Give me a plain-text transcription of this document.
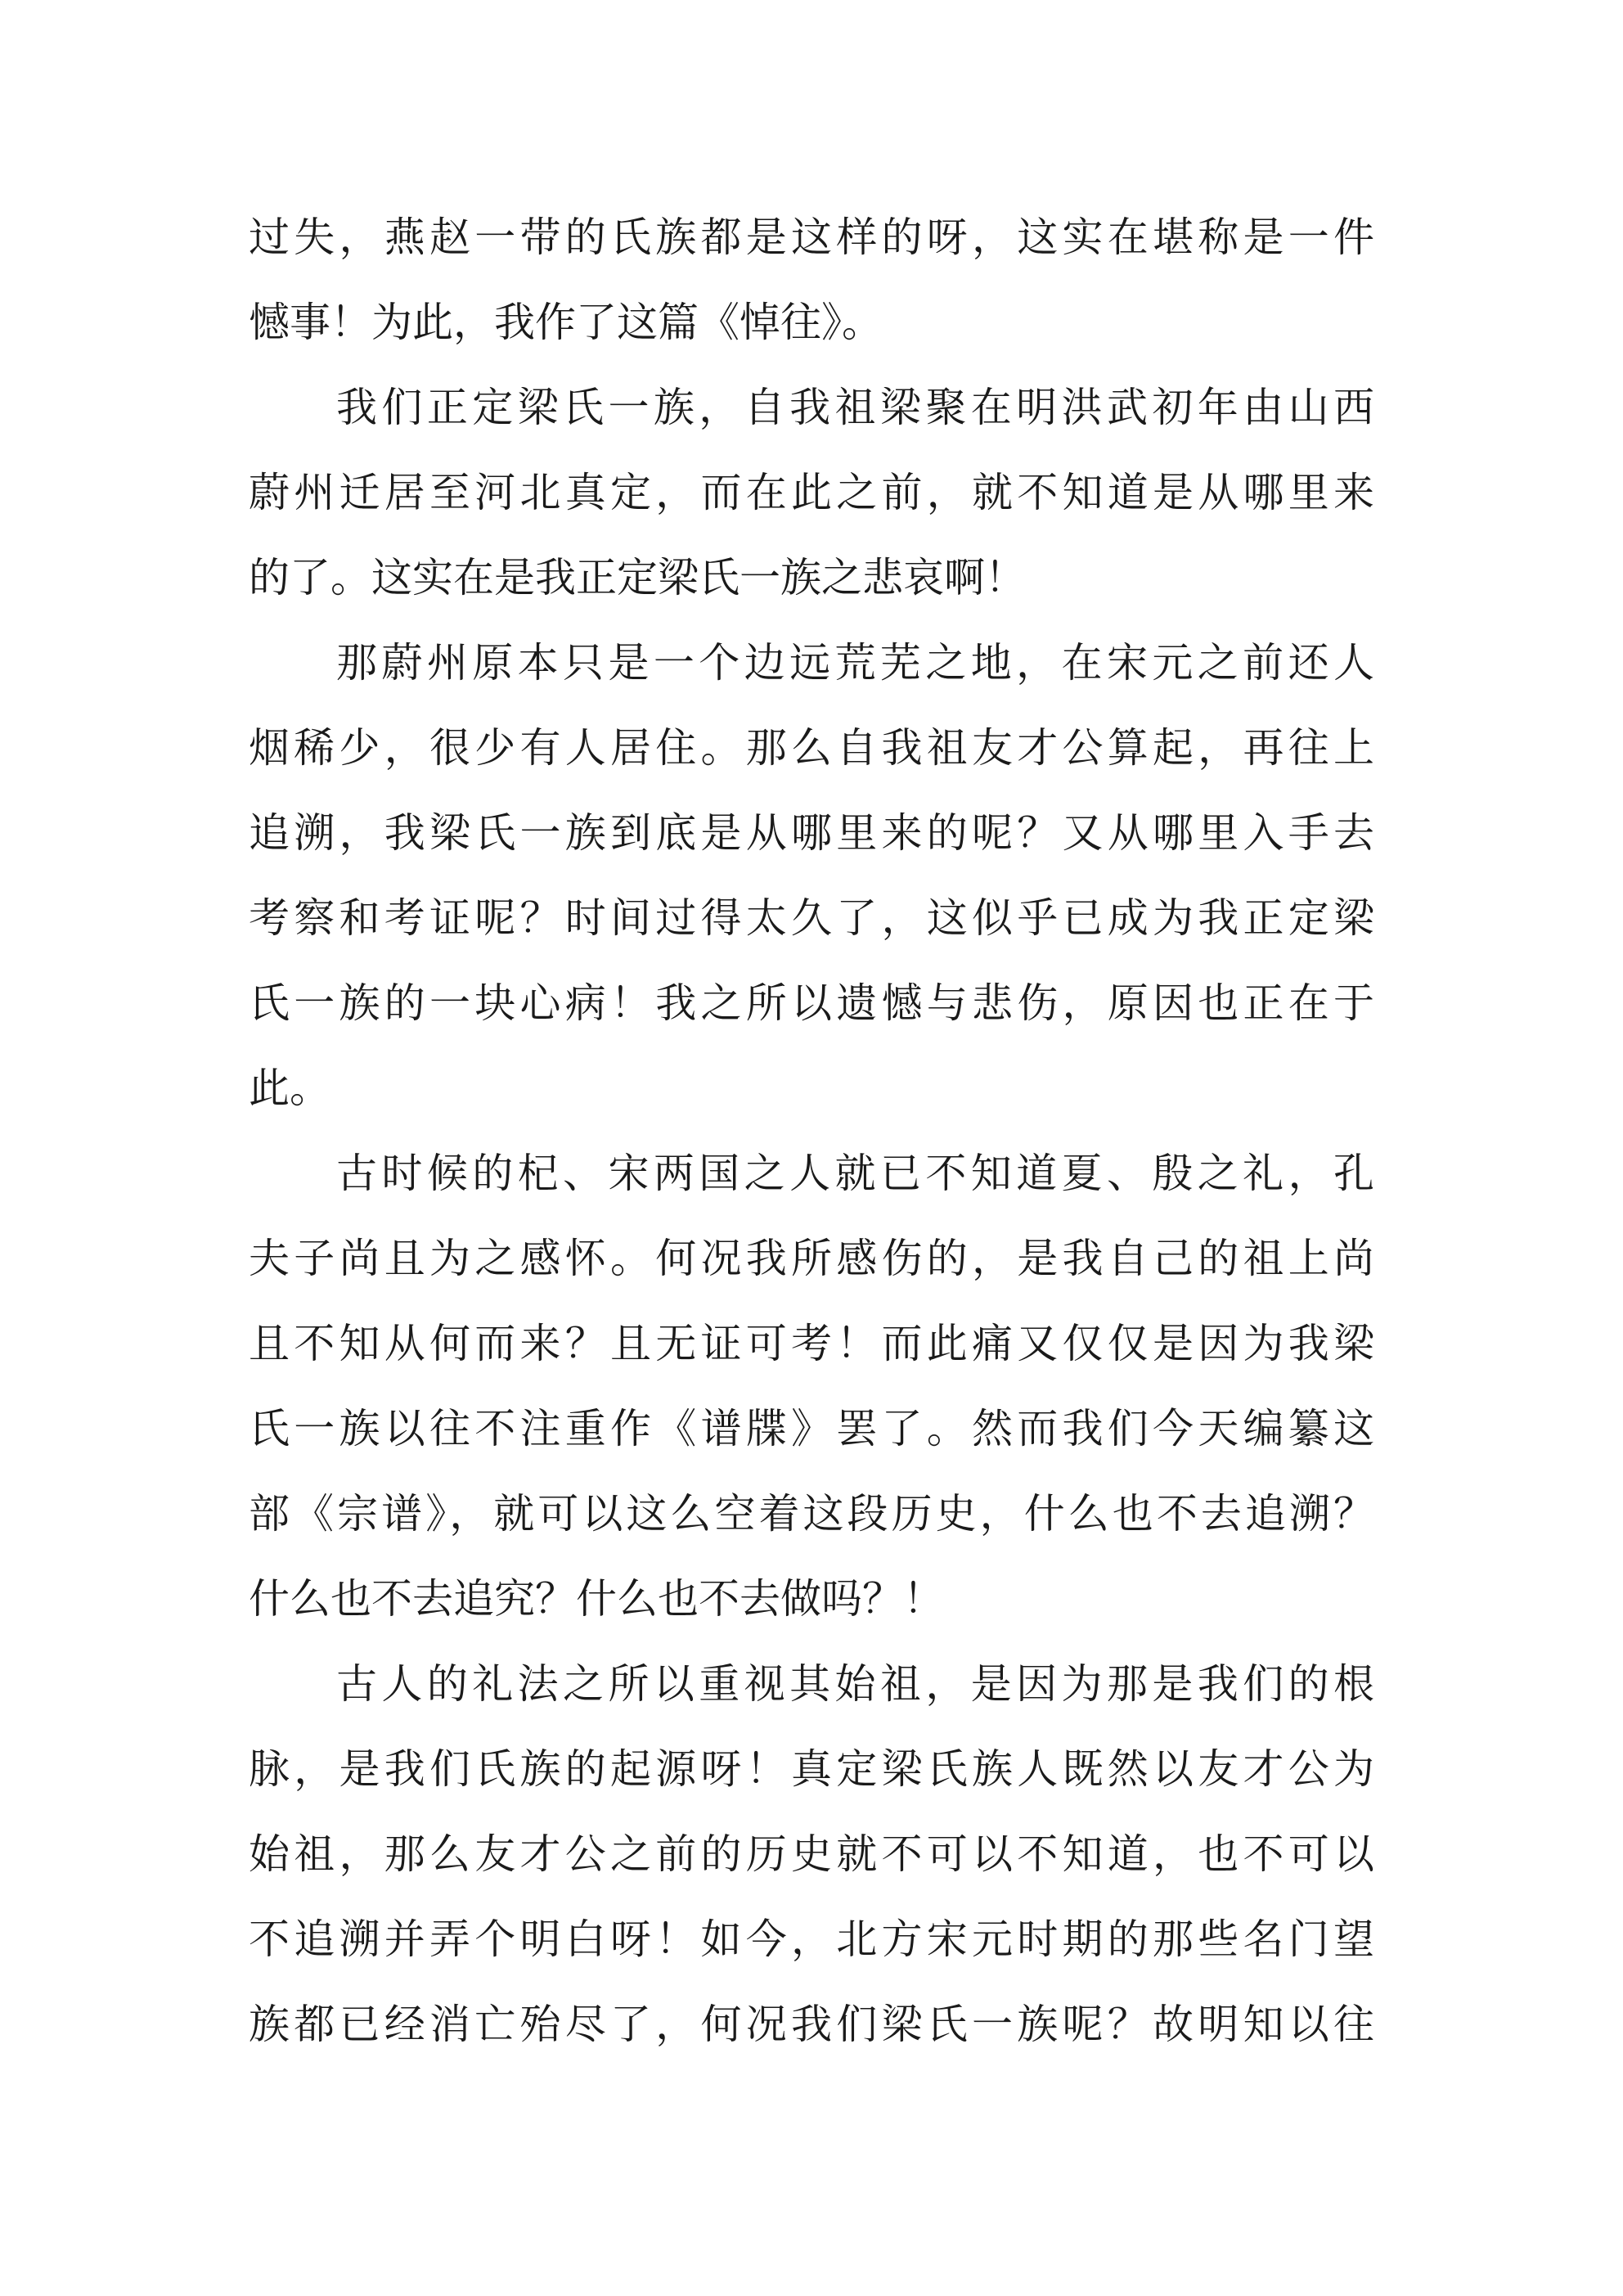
过失，燕赵一带的氏族都是这样的呀，这实在堪称是一件
憾事！为此，我作了这篇《悼往》。
我们正定梁氏一族，自我祖梁聚在明洪武初年由山西
蔚州迁居至河北真定，而在此之前，就不知道是从哪里来
的了。这实在是我正定梁氏一族之悲哀啊！
那蔚州原本只是一个边远荒芜之地，在宋元之前还人
烟稀少，很少有人居住。那么自我祖友才公算起，再往上
追溯，我梁氏一族到底是从哪里来的呢？又从哪里入手去
考察和考证呢？时间过得太久了，这似乎已成为我正定梁
氏一族的一块心病！我之所以遗憾与悲伤，原因也正在于
此。
古时候的杞、宋两国之人就已不知道夏、殷之礼，孔
夫子尚且为之感怀。何况我所感伤的，是我自己的祖上尚
且不知从何而来？且无证可考！而此痛又仅仅是因为我梁
氏一族以往不注重作《谱牒》罢了。然而我们今天编纂这
部《宗谱》，就可以这么空着这段历史，什么也不去追溯？
什么也不去追究？什么也不去做吗？！
古人的礼法之所以重视其始祖，是因为那是我们的根
脉，是我们氏族的起源呀！真定梁氏族人既然以友才公为
始祖，那么友才公之前的历史就不可以不知道，也不可以
不追溯并弄个明白呀！如今，北方宋元时期的那些名门望
族都已经消亡殆尽了，何况我们梁氏一族呢？故明知以往
